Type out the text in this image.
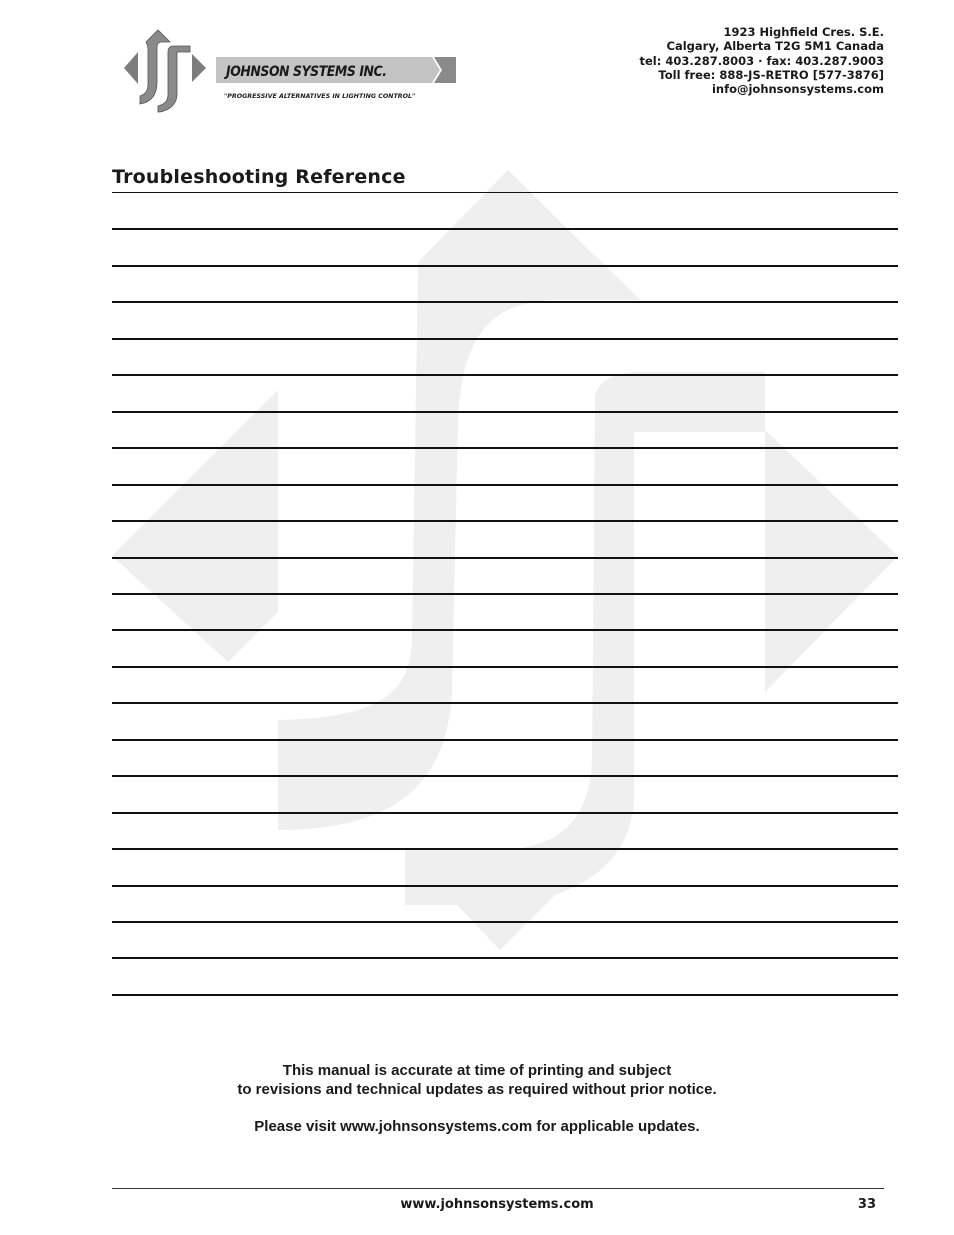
JOHNSON SYSTEMS INC.
"PROGRESSIVE ALTERNATIVES IN LIGHTING CONTROL"
1923 Highfield Cres. S.E.
Calgary, Alberta T2G 5M1 Canada
tel: 403.287.8003 · fax: 403.287.9003
Toll free: 888-JS-RETRO [577-3876]
info@johnsonsystems.com
Troubleshooting Reference

This manual is accurate at time of printing and subject

to revisions and technical updates as required without prior notice.

Please visit www.johnsonsystems.com for applicable updates.

www.johnsonsystems.com	33
